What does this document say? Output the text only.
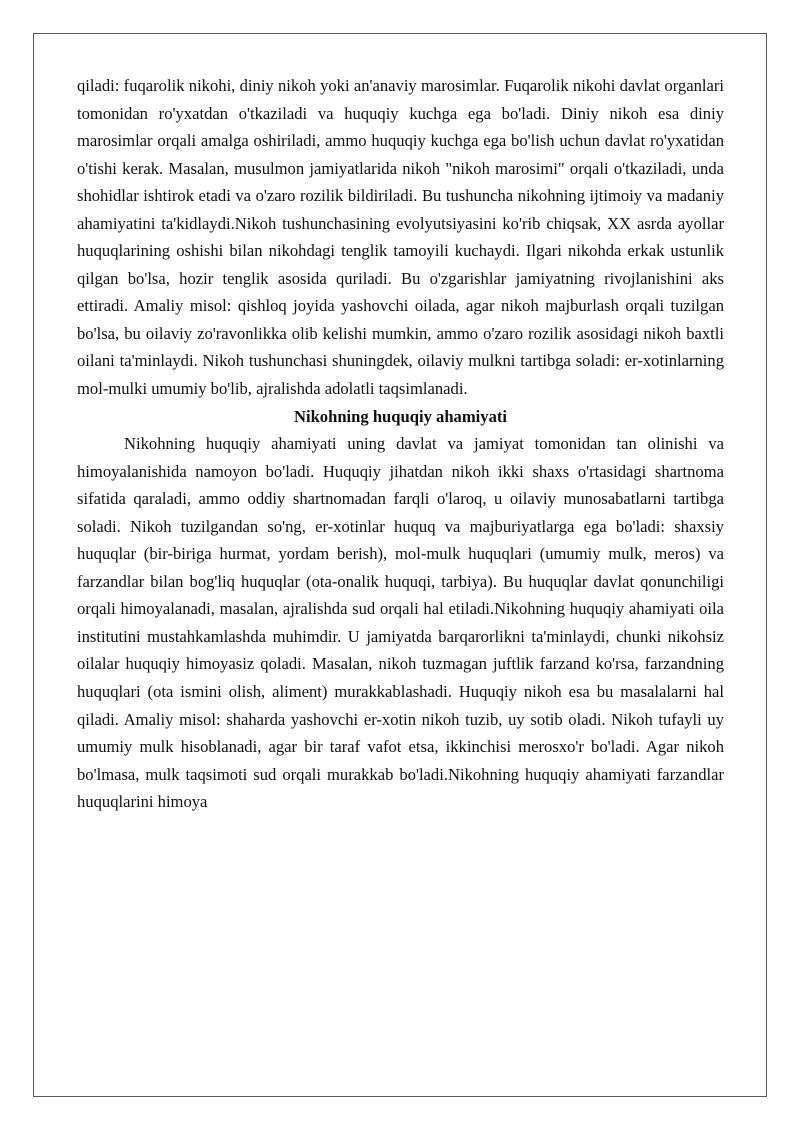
qiladi: fuqarolik nikohi, diniy nikoh yoki an'anaviy marosimlar. Fuqarolik nikohi davlat organlari tomonidan ro'yxatdan o'tkaziladi va huquqiy kuchga ega bo'ladi. Diniy nikoh esa diniy marosimlar orqali amalga oshiriladi, ammo huquqiy kuchga ega bo'lish uchun davlat ro'yxatidan o'tishi kerak. Masalan, musulmon jamiyatlarida nikoh "nikoh marosimi" orqali o'tkaziladi, unda shohidlar ishtirok etadi va o'zaro rozilik bildiriladi. Bu tushuncha nikohning ijtimoiy va madaniy ahamiyatini ta'kidlaydi.Nikoh tushunchasining evolyutsiyasini ko'rib chiqsak, XX asrda ayollar huquqlarining oshishi bilan nikohdagi tenglik tamoyili kuchaydi. Ilgari nikohda erkak ustunlik qilgan bo'lsa, hozir tenglik asosida quriladi. Bu o'zgarishlar jamiyatning rivojlanishini aks ettiradi. Amaliy misol: qishloq joyida yashovchi oilada, agar nikoh majburlash orqali tuzilgan bo'lsa, bu oilaviy zo'ravonlikka olib kelishi mumkin, ammo o'zaro rozilik asosidagi nikoh baxtli oilani ta'minlaydi. Nikoh tushunchasi shuningdek, oilaviy mulkni tartibga soladi: er-xotinlarning mol-mulki umumiy bo'lib, ajralishda adolatli taqsimlanadi.

Nikohning huquqiy ahamiyati

Nikohning huquqiy ahamiyati uning davlat va jamiyat tomonidan tan olinishi va himoyalanishida namoyon bo'ladi. Huquqiy jihatdan nikoh ikki shaxs o'rtasidagi shartnoma sifatida qaraladi, ammo oddiy shartnomadan farqli o'laroq, u oilaviy munosabatlarni tartibga soladi. Nikoh tuzilgandan so'ng, er-xotinlar huquq va majburiyatlarga ega bo'ladi: shaxsiy huquqlar (bir-biriga hurmat, yordam berish), mol-mulk huquqlari (umumiy mulk, meros) va farzandlar bilan bog'liq huquqlar (ota-onalik huquqi, tarbiya). Bu huquqlar davlat qonunchiligi orqali himoyalanadi, masalan, ajralishda sud orqali hal etiladi.Nikohning huquqiy ahamiyati oila institutini mustahkamlashda muhimdir. U jamiyatda barqarorlikni ta'minlaydi, chunki nikohsiz oilalar huquqiy himoyasiz qoladi. Masalan, nikoh tuzmagan juftlik farzand ko'rsa, farzandning huquqlari (ota ismini olish, aliment) murakkablashadi. Huquqiy nikoh esa bu masalalarni hal qiladi. Amaliy misol: shaharda yashovchi er-xotin nikoh tuzib, uy sotib oladi. Nikoh tufayli uy umumiy mulk hisoblanadi, agar bir taraf vafot etsa, ikkinchisi merosxo'r bo'ladi. Agar nikoh bo'lmasa, mulk taqsimoti sud orqali murakkab bo'ladi.Nikohning huquqiy ahamiyati farzandlar huquqlarini himoya
